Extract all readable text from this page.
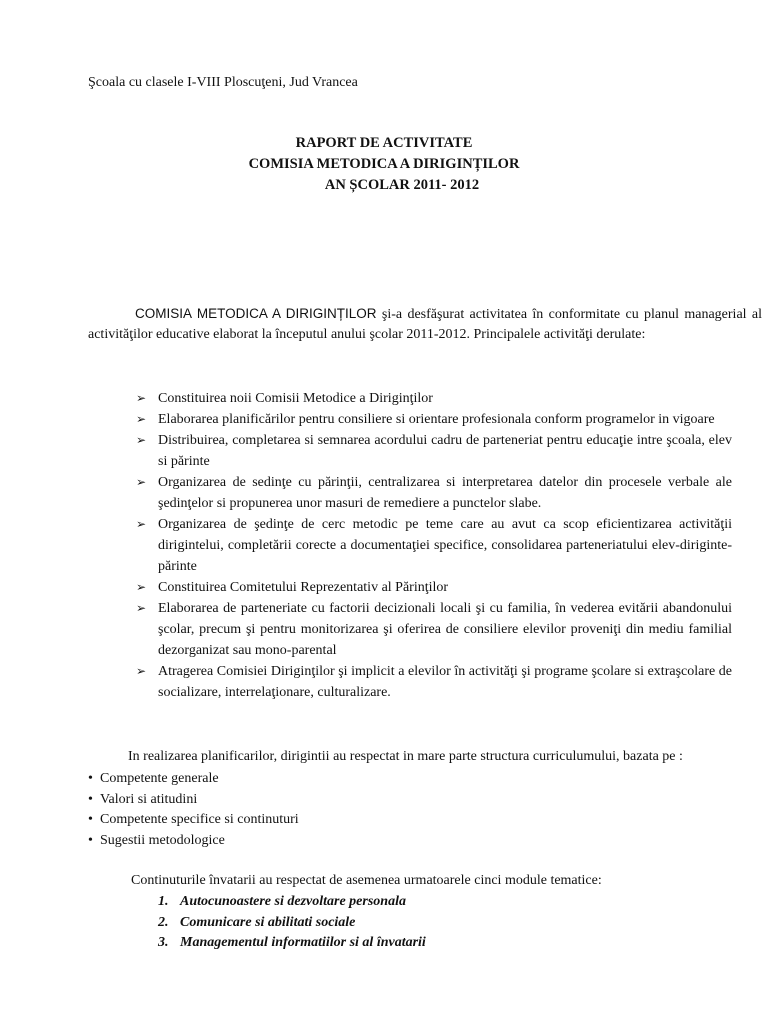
Şcoala cu clasele I-VIII Ploscuţeni, Jud Vrancea
RAPORT DE ACTIVITATE
COMISIA METODICA A DIRIGINȚILOR
AN ȘCOLAR 2011- 2012
COMISIA METODICA A DIRIGINȚILOR şi-a desfăşurat activitatea în conformitate cu planul managerial al activităţilor educative elaborat la începutul anului şcolar 2011-2012. Principalele activităţi derulate:
➢ Constituirea noii Comisii Metodice a Diriginţilor
➢ Elaborarea planificărilor pentru consiliere si orientare profesionala conform programelor in vigoare
➢ Distribuirea, completarea si semnarea acordului cadru de parteneriat pentru educaţie intre şcoala, elev si părinte
➢ Organizarea de sedinţe cu părinţii, centralizarea si interpretarea datelor din procesele verbale ale şedinţelor si propunerea unor masuri de remediere a punctelor slabe.
➢ Organizarea de şedinţe de cerc metodic pe teme care au avut ca scop eficientizarea activităţii dirigintelui, completării corecte a documentaţiei specifice, consolidarea parteneriatului elev-diriginte-părinte
➢ Constituirea Comitetului Reprezentativ al Părinţilor
➢ Elaborarea de parteneriate cu factorii decizionali locali şi cu familia, în vederea evitării abandonului şcolar, precum şi pentru monitorizarea şi oferirea de consiliere elevilor proveniţi din mediu familial dezorganizat sau mono-parental
➢ Atragerea Comisiei Diriginţilor şi implicit a elevilor în activităţi şi programe şcolare si extraşcolare de socializare, interrelaţionare, culturalizare.
In realizarea planificarilor, dirigintii au respectat in mare parte structura curriculumului, bazata pe :
• Competente generale
• Valori si atitudini
• Competente specifice si continuturi
• Sugestii metodologice
Continuturile învatarii au respectat de asemenea urmatoarele cinci module tematice:
1. Autocunoastere si dezvoltare personala
2. Comunicare si abilitati sociale
3. Managementul informatiilor si al învatarii
